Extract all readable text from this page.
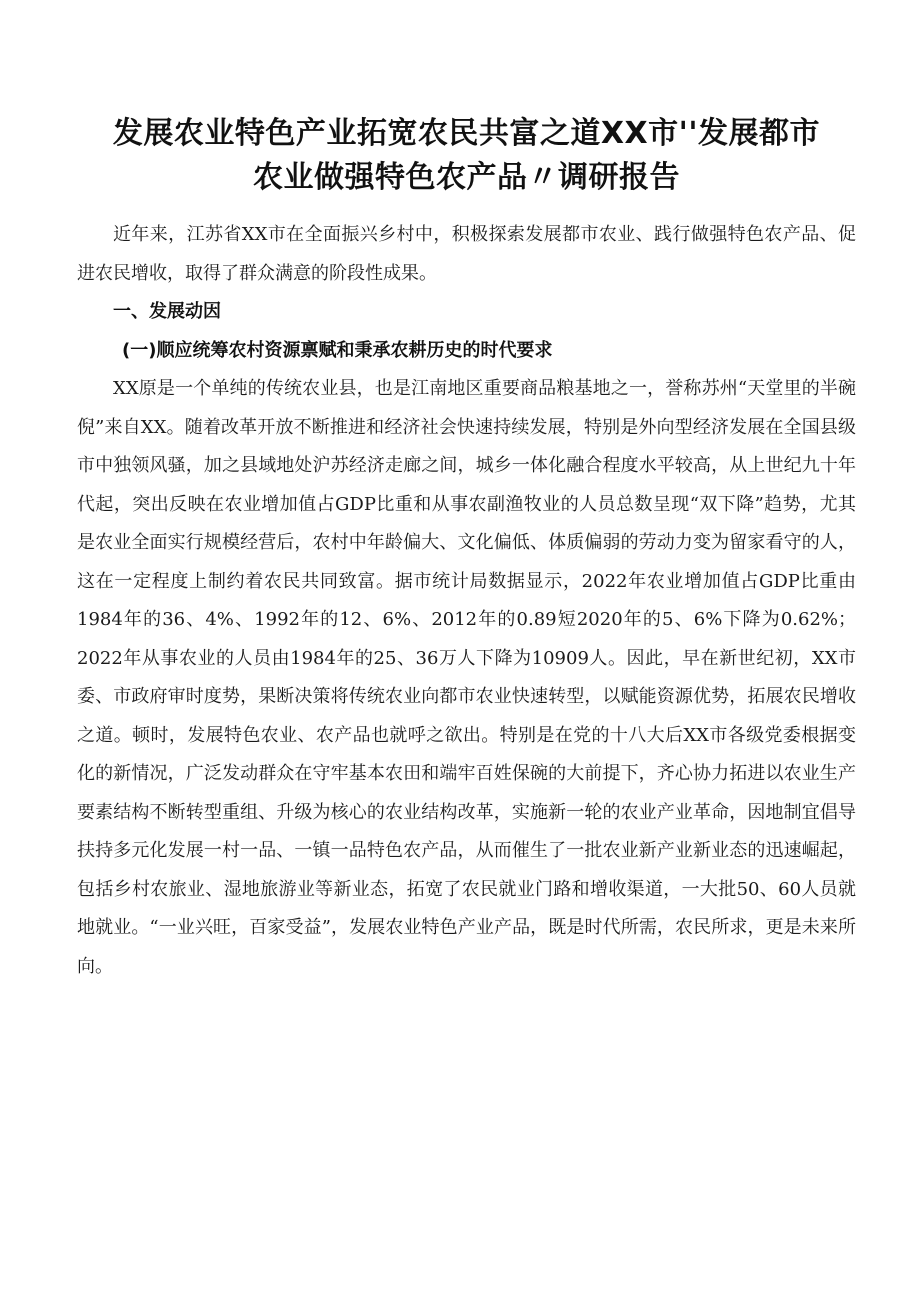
发展农业特色产业拓宽农民共富之道XX市''发展都市
农业做强特色农产品〃调研报告

近年来，江苏省XX市在全面振兴乡村中，积极探索发展都市农业、践行做强特色农产品、促进农民增收，取得了群众满意的阶段性成果。

一、发展动因
(一)顺应统筹农村资源禀赋和秉承农耕历史的时代要求

XX原是一个单纯的传统农业县，也是江南地区重要商品粮基地之一，誉称苏州“天堂里的半碗倪”来自XX。随着改革开放不断推进和经济社会快速持续发展，特别是外向型经济发展在全国县级市中独领风骚，加之县域地处沪苏经济走廊之间，城乡一体化融合程度水平较高，从上世纪九十年代起，突出反映在农业增加值占GDP比重和从事农副渔牧业的人员总数呈现“双下降”趋势，尤其是农业全面实行规模经营后，农村中年龄偏大、文化偏低、体质偏弱的劳动力变为留家看守的人，这在一定程度上制约着农民共同致富。据市统计局数据显示，2022年农业增加值占GDP比重由1984年的36、4%、1992年的12、6%、2012年的0.89短2020年的5、6%下降为0.62%；2022年从事农业的人员由1984年的25、36万人下降为10909人。因此，早在新世纪初，XX市委、市政府审时度势，果断决策将传统农业向都市农业快速转型，以赋能资源优势，拓展农民增收之道。顿时，发展特色农业、农产品也就呼之欲出。特别是在党的十八大后XX市各级党委根据变化的新情况，广泛发动群众在守牢基本农田和端牢百姓保碗的大前提下，齐心协力拓进以农业生产要素结构不断转型重组、升级为核心的农业结构改革，实施新一轮的农业产业革命，因地制宜倡导扶持多元化发展一村一品、一镇一品特色农产品，从而催生了一批农业新产业新业态的迅速崛起，包括乡村农旅业、湿地旅游业等新业态，拓宽了农民就业门路和增收渠道，一大批50、60人员就地就业。“一业兴旺，百家受益”，发展农业特色产业产品，既是时代所需，农民所求，更是未来所向。
